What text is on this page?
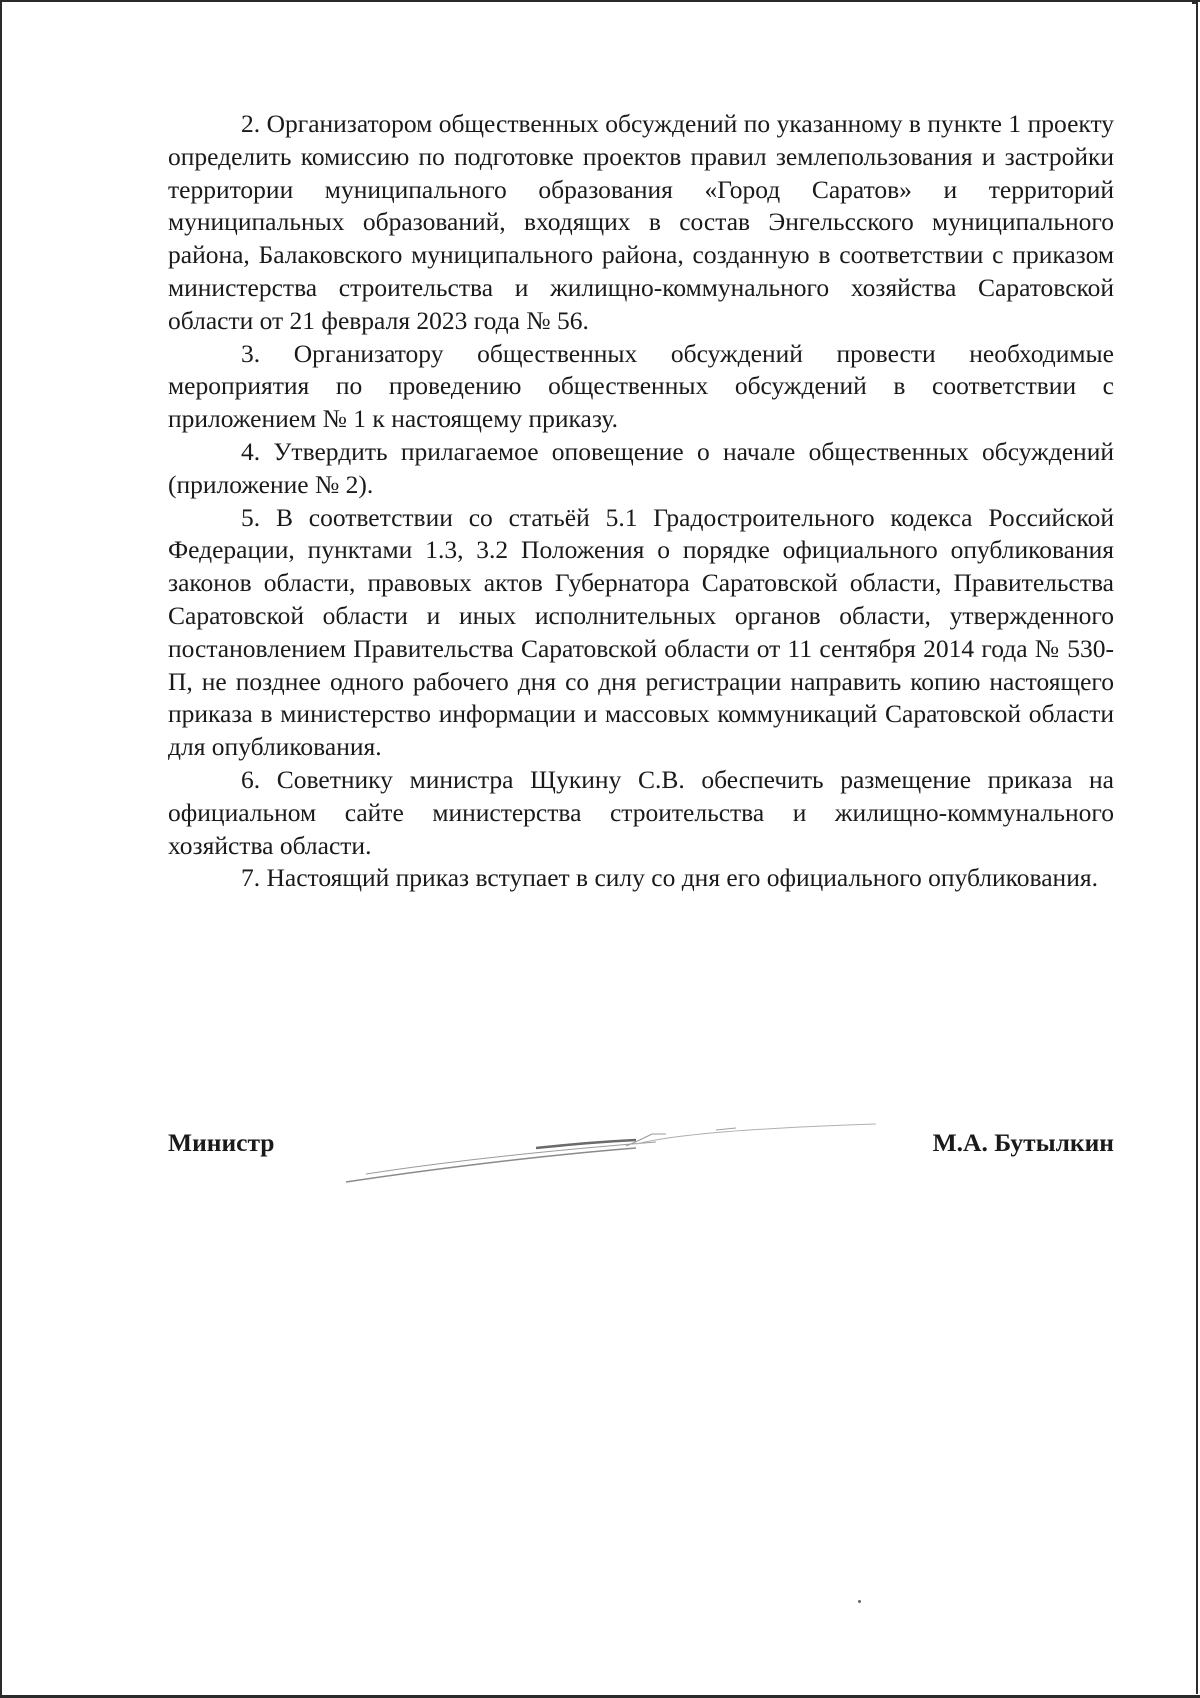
2. Организатором общественных обсуждений по указанному в пункте 1 проекту определить комиссию по подготовке проектов правил землепользования и застройки территории муниципального образования «Город Саратов» и территорий муниципальных образований, входящих в состав Энгельсского муниципального района, Балаковского муниципального района, созданную в соответствии с приказом министерства строительства и жилищно-коммунального хозяйства Саратовской области от 21 февраля 2023 года № 56.

3. Организатору общественных обсуждений провести необходимые мероприятия по проведению общественных обсуждений в соответствии с приложением № 1 к настоящему приказу.

4. Утвердить прилагаемое оповещение о начале общественных обсуждений (приложение № 2).

5. В соответствии со статьёй 5.1 Градостроительного кодекса Российской Федерации, пунктами 1.3, 3.2 Положения о порядке официального опубликования законов области, правовых актов Губернатора Саратовской области, Правительства Саратовской области и иных исполнительных органов области, утвержденного постановлением Правительства Саратовской области от 11 сентября 2014 года № 530-П, не позднее одного рабочего дня со дня регистрации направить копию настоящего приказа в министерство информации и массовых коммуникаций Саратовской области для опубликования.

6. Советнику министра Щукину С.В. обеспечить размещение приказа на официальном сайте министерства строительства и жилищно-коммунального хозяйства области.

7. Настоящий приказ вступает в силу со дня его официального опубликования.

Министр	М.А. Бутылкин
